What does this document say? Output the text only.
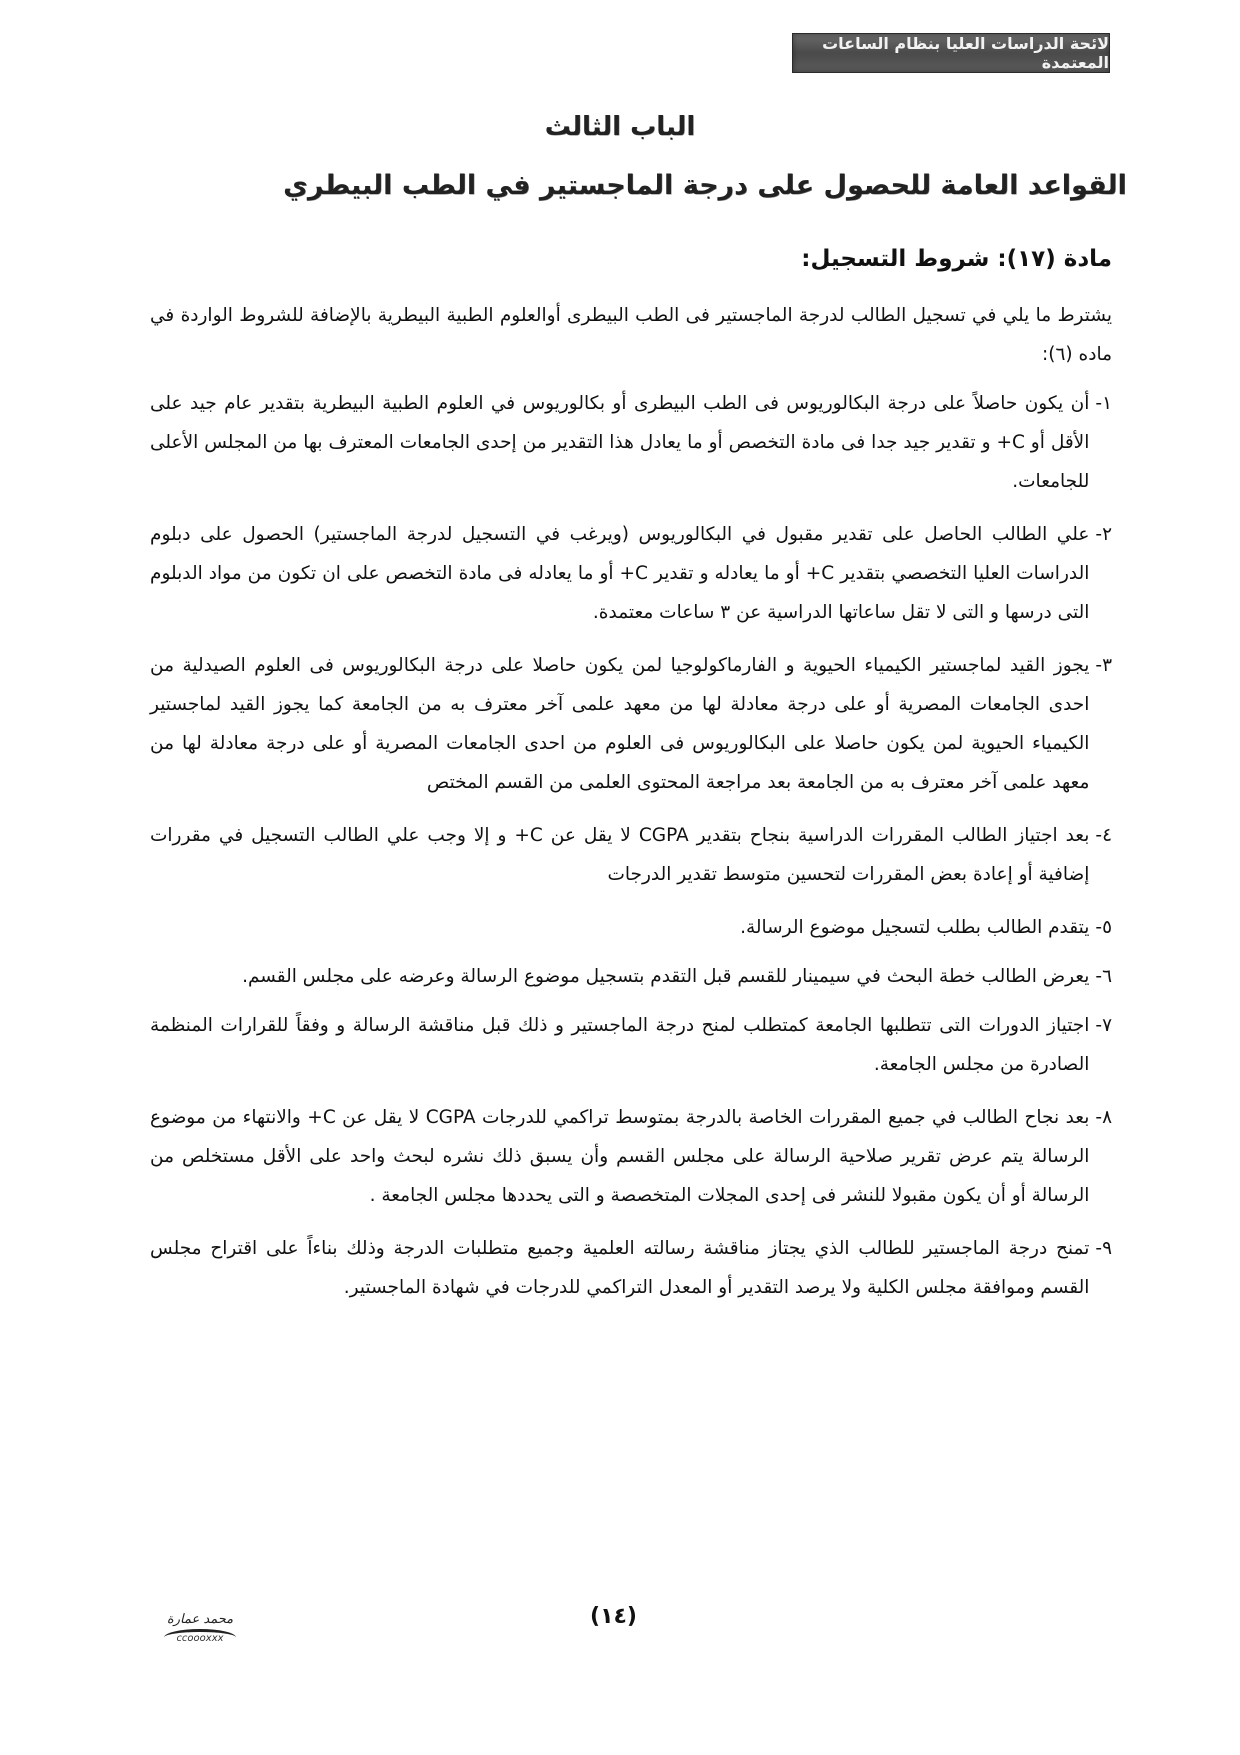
لائحة الدراسات العليا بنظام الساعات المعتمدة
الباب الثالث
القواعد العامة للحصول على درجة الماجستير في الطب البيطري
مادة (١٧): شروط التسجيل:

يشترط ما يلي في تسجيل الطالب لدرجة الماجستير فى الطب البيطرى أوالعلوم الطبية البيطرية بالإضافة للشروط الواردة في ماده (٦):

١-
أن يكون حاصلاً على درجة البكالوريوس فى الطب البيطرى أو بكالوريوس في العلوم الطبية البيطرية بتقدير عام جيد على الأقل أو C+ و تقدير جيد جدا فى مادة التخصص أو ما يعادل هذا التقدير من إحدى الجامعات المعترف بها من المجلس الأعلى للجامعات.
٢-
علي الطالب الحاصل على تقدير مقبول في البكالوريوس (ويرغب في التسجيل لدرجة الماجستير) الحصول على دبلوم الدراسات العليا التخصصي بتقدير C+ أو ما يعادله و تقدير C+ أو ما يعادله فى مادة التخصص على ان تكون من مواد الدبلوم التى درسها و التى لا تقل ساعاتها الدراسية عن ٣ ساعات معتمدة.
٣-
يجوز القيد لماجستير الكيمياء الحيوية و الفارماكولوجيا لمن يكون حاصلا على درجة البكالوريوس فى العلوم الصيدلية من احدى الجامعات المصرية أو على درجة معادلة لها من معهد علمى آخر معترف به من الجامعة كما يجوز القيد لماجستير الكيمياء الحيوية لمن يكون حاصلا على البكالوريوس فى العلوم من احدى الجامعات المصرية أو على درجة معادلة لها من معهد علمى آخر معترف به من الجامعة بعد مراجعة المحتوى العلمى من القسم المختص
٤-
بعد اجتياز الطالب المقررات الدراسية بنجاح بتقدير CGPA لا يقل عن C+ و إلا وجب علي الطالب التسجيل في مقررات إضافية أو إعادة بعض المقررات لتحسين متوسط تقدير الدرجات
٥-
يتقدم الطالب بطلب لتسجيل موضوع الرسالة.
٦-
يعرض الطالب خطة البحث في سيمينار للقسم قبل التقدم بتسجيل موضوع الرسالة وعرضه على مجلس القسم.
٧-
اجتياز الدورات التى تتطلبها الجامعة كمتطلب لمنح درجة الماجستير و ذلك قبل مناقشة الرسالة و وفقاً للقرارات المنظمة الصادرة من مجلس الجامعة.
٨-
بعد نجاح الطالب في جميع المقررات الخاصة بالدرجة بمتوسط تراكمي للدرجات CGPA لا يقل عن C+ والانتهاء من موضوع الرسالة يتم عرض تقرير صلاحية الرسالة على مجلس القسم وأن يسبق ذلك نشره لبحث واحد على الأقل مستخلص من الرسالة أو أن يكون مقبولا للنشر فى إحدى المجلات المتخصصة و التى يحددها مجلس الجامعة .
٩-
تمنح درجة الماجستير للطالب الذي يجتاز مناقشة رسالته العلمية وجميع متطلبات الدرجة وذلك بناءاً على اقتراح مجلس القسم وموافقة مجلس الكلية ولا يرصد التقدير أو المعدل التراكمي للدرجات في شهادة الماجستير.
(١٤)
محمد عمارة
ccoooxxx
